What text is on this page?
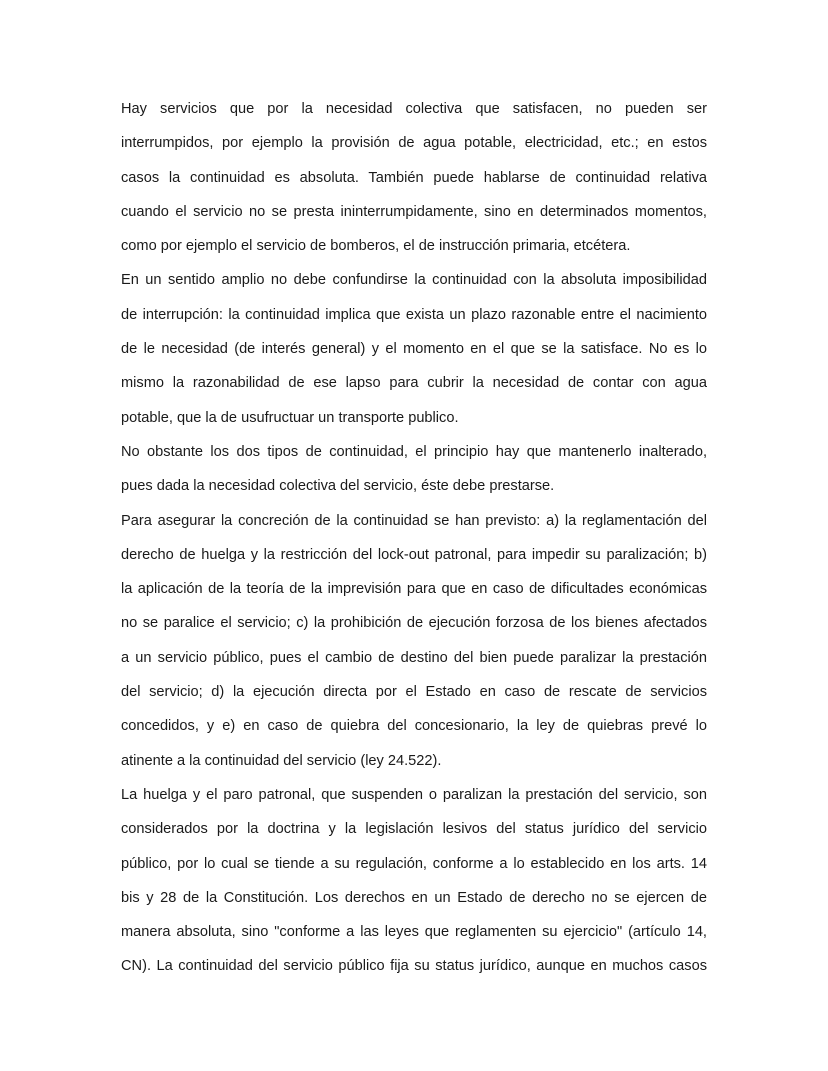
Hay servicios que por la necesidad colectiva que satisfacen, no pueden ser
interrumpidos, por ejemplo la provisión de agua potable, electricidad, etc.; en estos
casos la continuidad es absoluta. También puede hablarse de continuidad relativa
cuando el servicio no se presta ininterrumpidamente, sino en determinados momentos,
como por ejemplo el servicio de bomberos, el de instrucción primaria, etcétera.
En un sentido amplio no debe confundirse la continuidad con la absoluta imposibilidad
de interrupción: la continuidad implica que exista un plazo razonable entre el nacimiento
de le necesidad (de interés general) y el momento en el que se la satisface. No es lo
mismo la razonabilidad de ese lapso para cubrir la necesidad de contar con agua
potable, que la de usufructuar un transporte publico.
No obstante los dos tipos de continuidad, el principio hay que mantenerlo inalterado,
pues dada la necesidad colectiva del servicio, éste debe prestarse.
Para asegurar la concreción de la continuidad se han previsto: a) la reglamentación del
derecho de huelga y la restricción del lock-out patronal, para impedir su paralización; b)
la aplicación de la teoría de la imprevisión para que en caso de dificultades económicas
no se paralice el servicio; c) la prohibición de ejecución forzosa de los bienes afectados
a un servicio público, pues el cambio de destino del bien puede paralizar la prestación
del servicio; d) la ejecución directa por el Estado en caso de rescate de servicios
concedidos, y e) en caso de quiebra del concesionario, la ley de quiebras prevé lo
atinente a la continuidad del servicio (ley 24.522).
La huelga y el paro patronal, que suspenden o paralizan la prestación del servicio, son
considerados por la doctrina y la legislación lesivos del status jurídico del servicio
público, por lo cual se tiende a su regulación, conforme a lo establecido en los arts. 14
bis y 28 de la Constitución. Los derechos en un Estado de derecho no se ejercen de
manera absoluta, sino "conforme a las leyes que reglamenten su ejercicio" (artículo 14,
CN). La continuidad del servicio público fija su status jurídico, aunque en muchos casos
